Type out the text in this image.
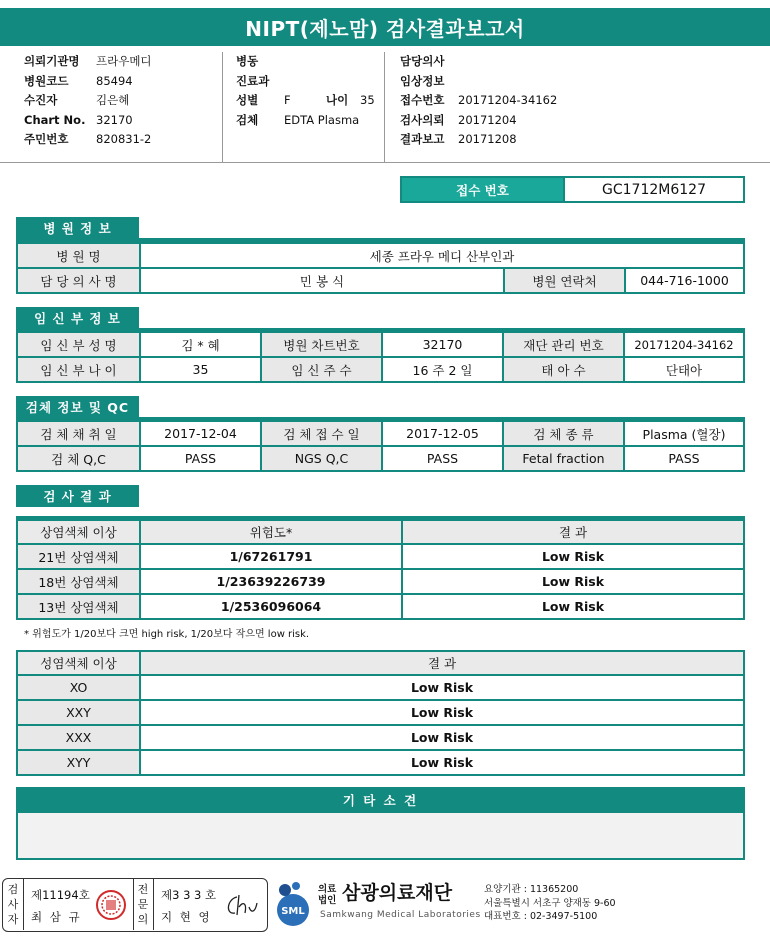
NIPT(제노맘) 검사결과보고서
의뢰기관명	프라우메디
병원코드	85494
수진자	김은혜
Chart No. 32170
주민번호	820831-2
병동
진료과
성별	F	나이	35
검체	EDTA Plasma
담당의사
임상정보
접수번호	20171204-34162
검사의뢰	20171204
결과보고	20171208
접수 번호	GC1712M6127
병 원 정 보
병 원 명	세종 프라우 메디 산부인과		
담 당 의 사 명	민 봉 식	병원 연락처	044-716-1000
임 신 부 정 보
임 신 부 성 명	김 * 혜	병원 차트번호	32170	재단 관리 번호	20171204-34162
임 신 부 나 이	35	임 신 주 수	16 주 2 일	태 아 수	단태아
검체 정보 및 QC
검 체 채 취 일	2017-12-04	검 체 접 수 일	2017-12-05	검 체 종 류	Plasma (혈장)
검 체 Q,C	PASS	NGS Q,C	PASS	Fetal fraction	PASS
검 사 결 과
상염색체 이상	위험도*	결 과
21번 상염색체	1/67261791	Low Risk
18번 상염색체	1/23639226739	Low Risk
13번 상염색체	1/2536096064	Low Risk
* 위험도가 1/20보다 크면 high risk, 1/20보다 작으면 low risk.
성염색체 이상	결 과
XO	Low Risk
XXY	Low Risk
XXX	Low Risk
XYY	Low Risk
기 타 소 견
검
사
자
제11194호
최 삼 규
전
문
의
제3 3 3 호
지 현 영	SML
의료
법인 삼광의료재단
Samkwang Medical Laboratories
요양기관 : 11365200
서울특별시 서초구 양재동 9-60
대표번호 : 02-3497-5100
